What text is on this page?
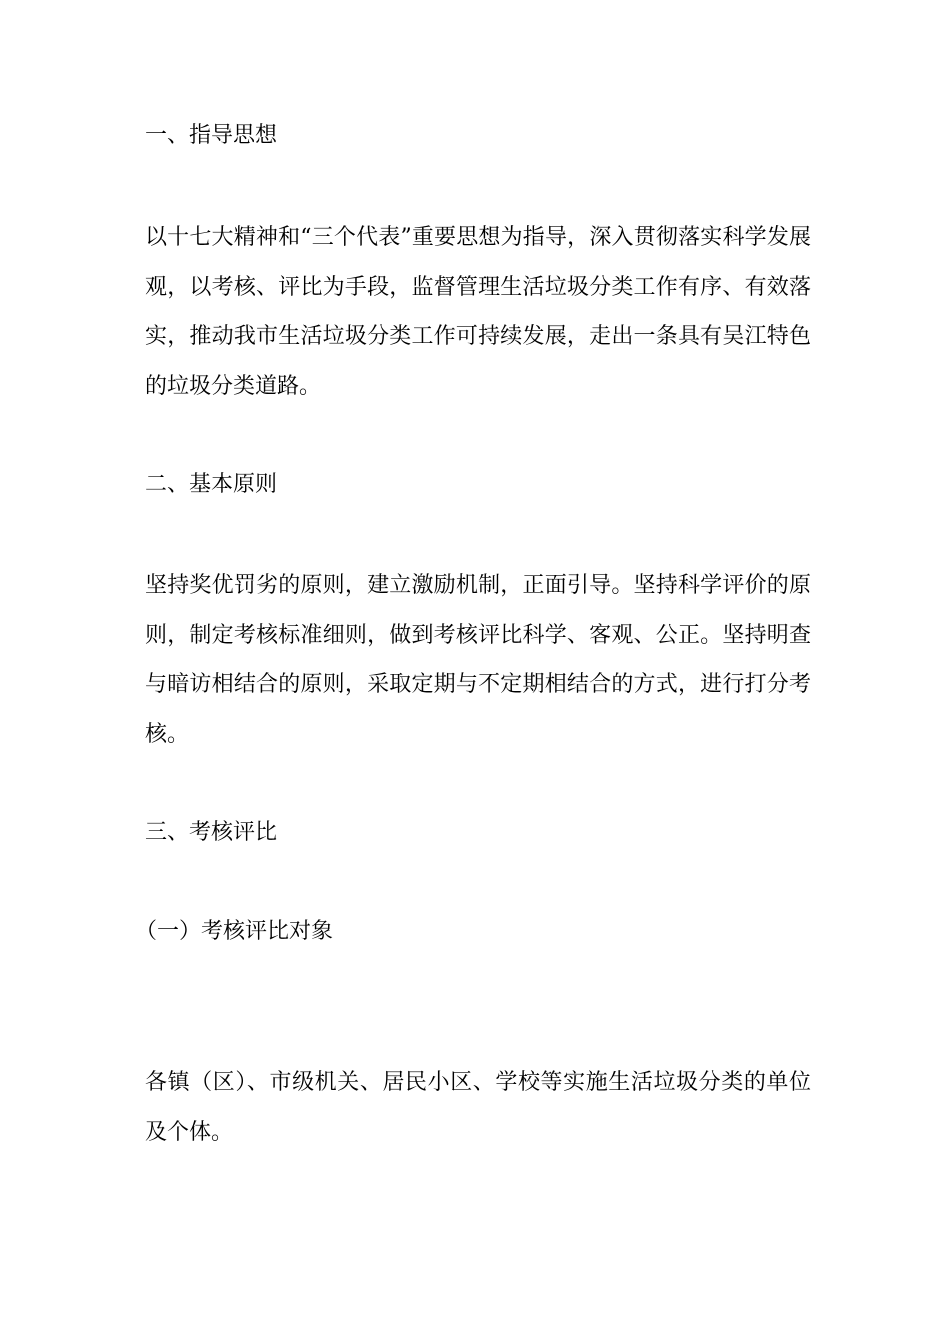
一、指导思想
以十七大精神和“三个代表”重要思想为指导，深入贯彻落实科学发展
观，以考核、评比为手段，监督管理生活垃圾分类工作有序、有效落
实，推动我市生活垃圾分类工作可持续发展，走出一条具有吴江特色
的垃圾分类道路。
二、基本原则
坚持奖优罚劣的原则，建立激励机制，正面引导。坚持科学评价的原
则，制定考核标准细则，做到考核评比科学、客观、公正。坚持明查
与暗访相结合的原则，采取定期与不定期相结合的方式，进行打分考
核。
三、考核评比
（一）考核评比对象
各镇（区）、市级机关、居民小区、学校等实施生活垃圾分类的单位
及个体。
